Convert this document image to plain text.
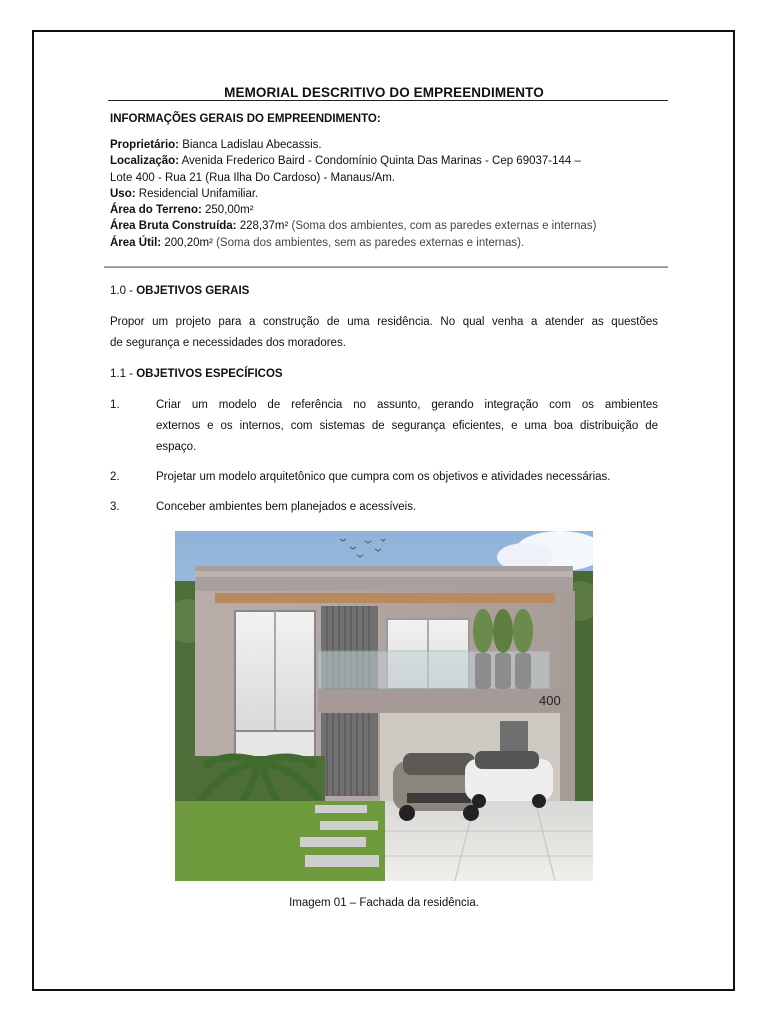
MEMORIAL DESCRITIVO DO EMPREENDIMENTO
INFORMAÇÕES GERAIS DO EMPREENDIMENTO:
Proprietário: Bianca Ladislau Abecassis.
Localização: Avenida Frederico Baird - Condomínio Quinta Das Marinas - Cep 69037-144 –
Lote 400 - Rua 21 (Rua Ilha Do Cardoso) - Manaus/Am.
Uso: Residencial Unifamiliar.
Área do Terreno: 250,00m²
Área Bruta Construída: 228,37m² (Soma dos ambientes, com as paredes externas e internas)
Área Útil: 200,20m² (Soma dos ambientes, sem as paredes externas e internas).
1.0 - OBJETIVOS GERAIS
Propor um projeto para a construção de uma residência. No qual venha a atender as questões
de segurança e necessidades dos moradores.
1.1 - OBJETIVOS ESPECÍFICOS
1.	Criar um modelo de referência no assunto, gerando integração com os ambientes
externos e os internos, com sistemas de segurança eficientes, e uma boa distribuição de
espaço.
2.	Projetar um modelo arquitetônico que cumpra com os objetivos e atividades necessárias.
3.	Conceber ambientes bem planejados e acessíveis.
400
Imagem 01 – Fachada da residência.
